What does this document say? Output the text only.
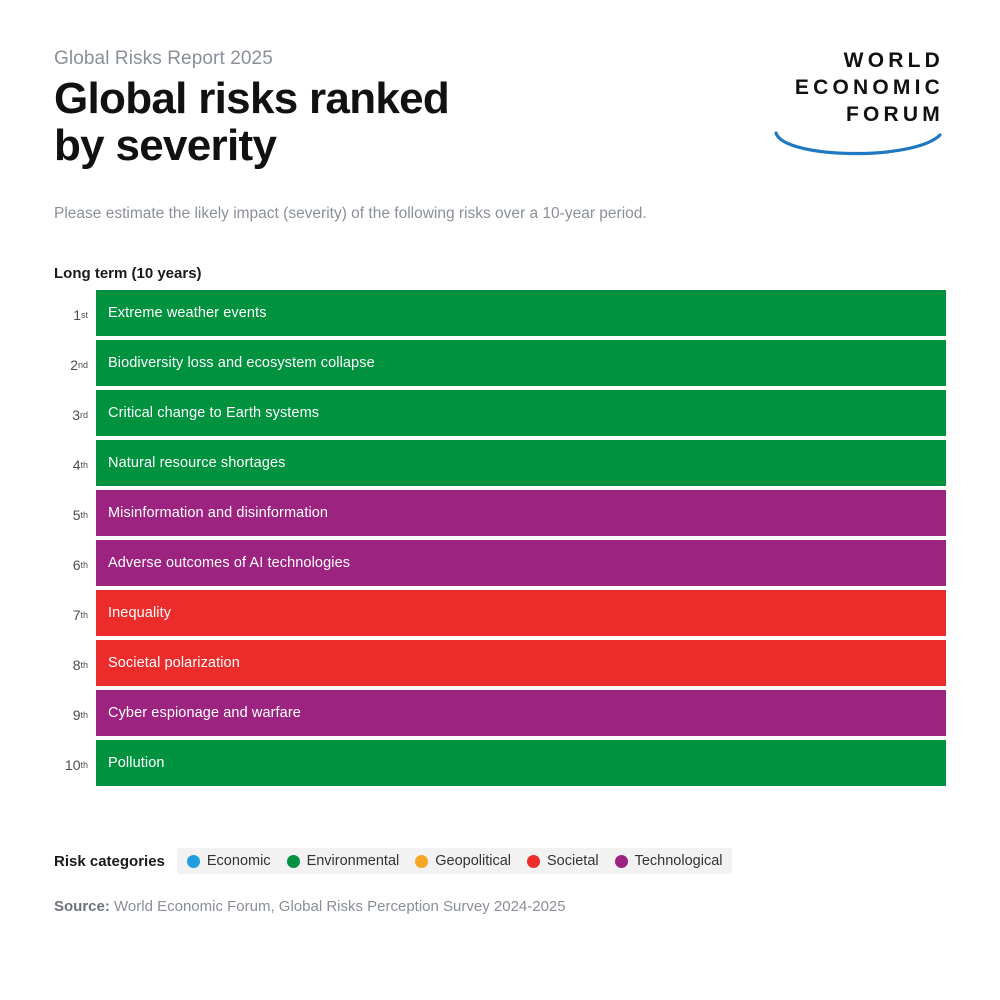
Global Risks Report 2025

Global risks ranked
by severity
WORLD
ECONOMIC
FORUM

Please estimate the likely impact (severity) of the following risks over a 10-year period.

Long term (10 years)
1 st Extreme weather events
2 nd Biodiversity loss and ecosystem collapse
3 rd Critical change to Earth systems
4 th Natural resource shortages
5 th Misinformation and disinformation
6 th Adverse outcomes of AI technologies
7 th Inequality
8 th Societal polarization
9 th Cyber espionage and warfare
10 th Pollution
Risk categories	Economic Environmental Geopolitical Societal Technological
Source: World Economic Forum, Global Risks Perception Survey 2024-2025
